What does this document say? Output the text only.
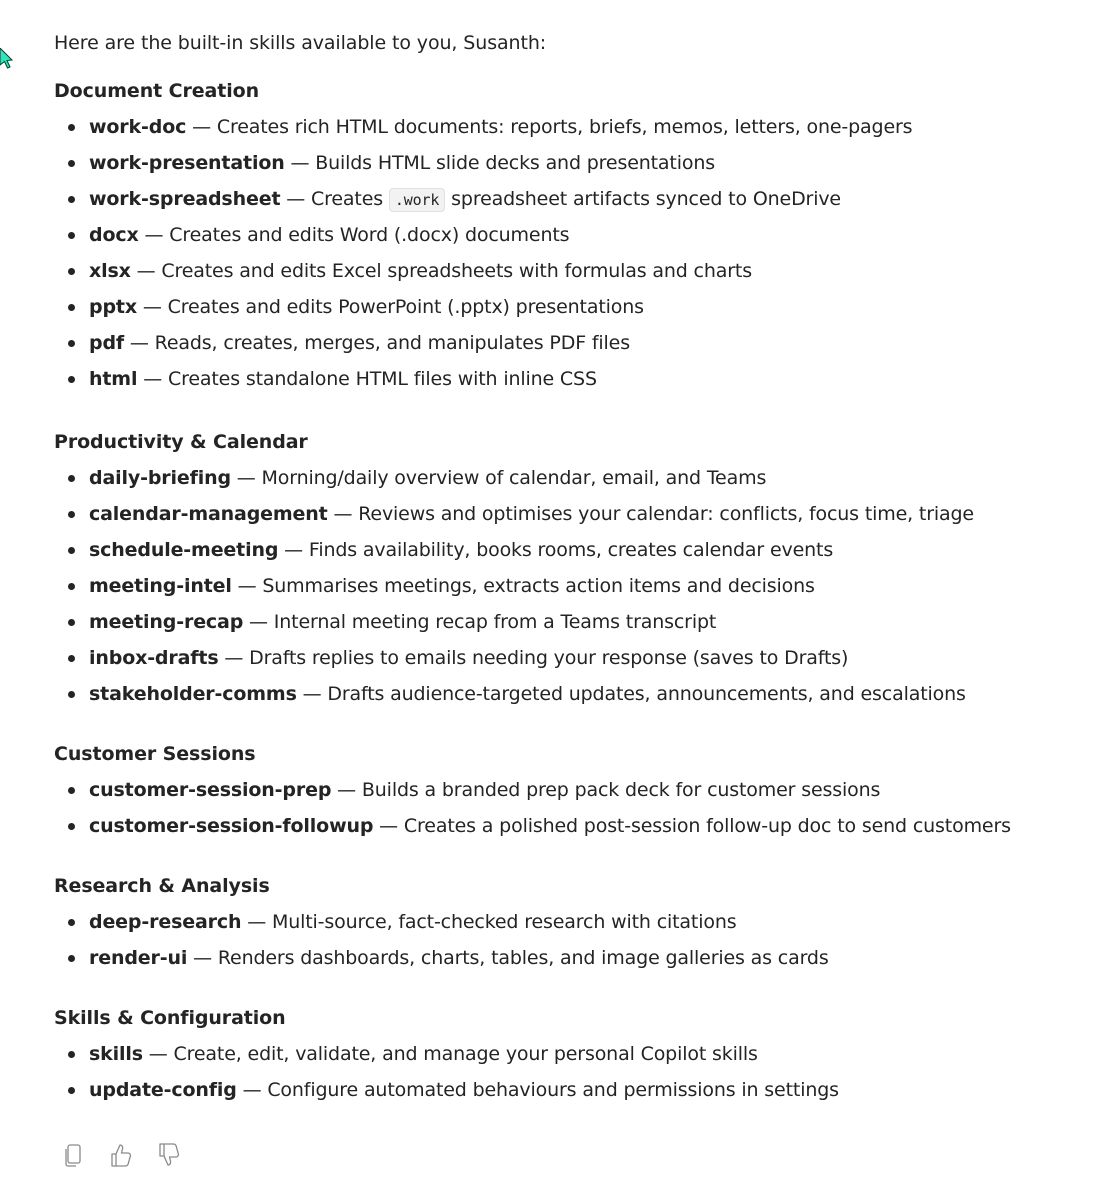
Here are the built-in skills available to you, Susanth:

Document Creation
work-doc — Creates rich HTML documents: reports, briefs, memos, letters, one-pagers
work-presentation — Builds HTML slide decks and presentations
work-spreadsheet — Creates .work spreadsheet artifacts synced to OneDrive
docx — Creates and edits Word (.docx) documents
xlsx — Creates and edits Excel spreadsheets with formulas and charts
pptx — Creates and edits PowerPoint (.pptx) presentations
pdf — Reads, creates, merges, and manipulates PDF files
html — Creates standalone HTML files with inline CSS
Productivity & Calendar
daily-briefing — Morning/daily overview of calendar, email, and Teams
calendar-management — Reviews and optimises your calendar: conflicts, focus time, triage
schedule-meeting — Finds availability, books rooms, creates calendar events
meeting-intel — Summarises meetings, extracts action items and decisions
meeting-recap — Internal meeting recap from a Teams transcript
inbox-drafts — Drafts replies to emails needing your response (saves to Drafts)
stakeholder-comms — Drafts audience-targeted updates, announcements, and escalations
Customer Sessions
customer-session-prep — Builds a branded prep pack deck for customer sessions
customer-session-followup — Creates a polished post-session follow-up doc to send customers
Research & Analysis
deep-research — Multi-source, fact-checked research with citations
render-ui — Renders dashboards, charts, tables, and image galleries as cards
Skills & Configuration
skills — Create, edit, validate, and manage your personal Copilot skills
update-config — Configure automated behaviours and permissions in settings
